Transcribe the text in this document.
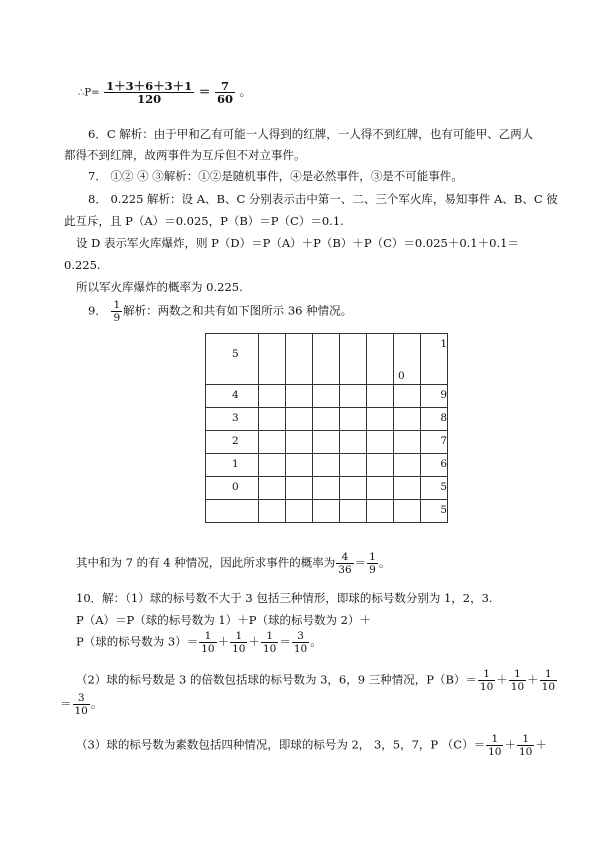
∴P= $\frac{1+3+6+3+1}{120} = \frac{7}{60}$ 。
6．C 解析：由于甲和乙有可能一人得到的红牌，一人得不到红牌，也有可能甲、乙两人
都得不到红牌，故两事件为互斥但不对立事件。
7． ①② ④ ③解析：①②是随机事件，④是必然事件，③是不可能事件。
8． 0.225 解析：设 A、B、C 分别表示击中第一、二、三个军火库，易知事件 A、B、C 彼
此互斥，且 P（A）＝0.025，P（B）＝P（C）＝0.1.
设 D 表示军火库爆炸，则 P（D）＝P（A）＋P（B）＋P（C）＝0.025＋0.1＋0.1＝
0.225.
所以军火库爆炸的概率为 0.225.
9． $\frac{1}{9}$ 解析：两数之和共有如下图所示 36 种情况。
5						0	1

4							9

3							8

2							7

1							6

0							5

							5
其中和为 7 的有 4 种情况，因此所求事件的概率为 $\frac{4}{36} = \frac{1}{9}$ 。
10．解：（1）球的标号数不大于 3 包括三种情形，即球的标号数分别为 1，2，3.
P（A）＝P（球的标号数为 1）＋P（球的标号数为 2）＋
P（球的标号数为 $3)= \frac{1}{10} + \frac{1}{10} + \frac{1}{10} = \frac{3}{10}$ 。
（2）球的标号数是 3 的倍数包括球的标号数为 3，6，9 三种情况，$P(B)= \frac{1}{10} + \frac{1}{10} + \frac{1}{10}$
＝ $\frac{3}{10}$ 。
（3）球的标号数为素数包括四种情况，即球的标号为 2， 3，5，7，P $(C)= \frac{1}{10} + \frac{1}{10}$ ＋
